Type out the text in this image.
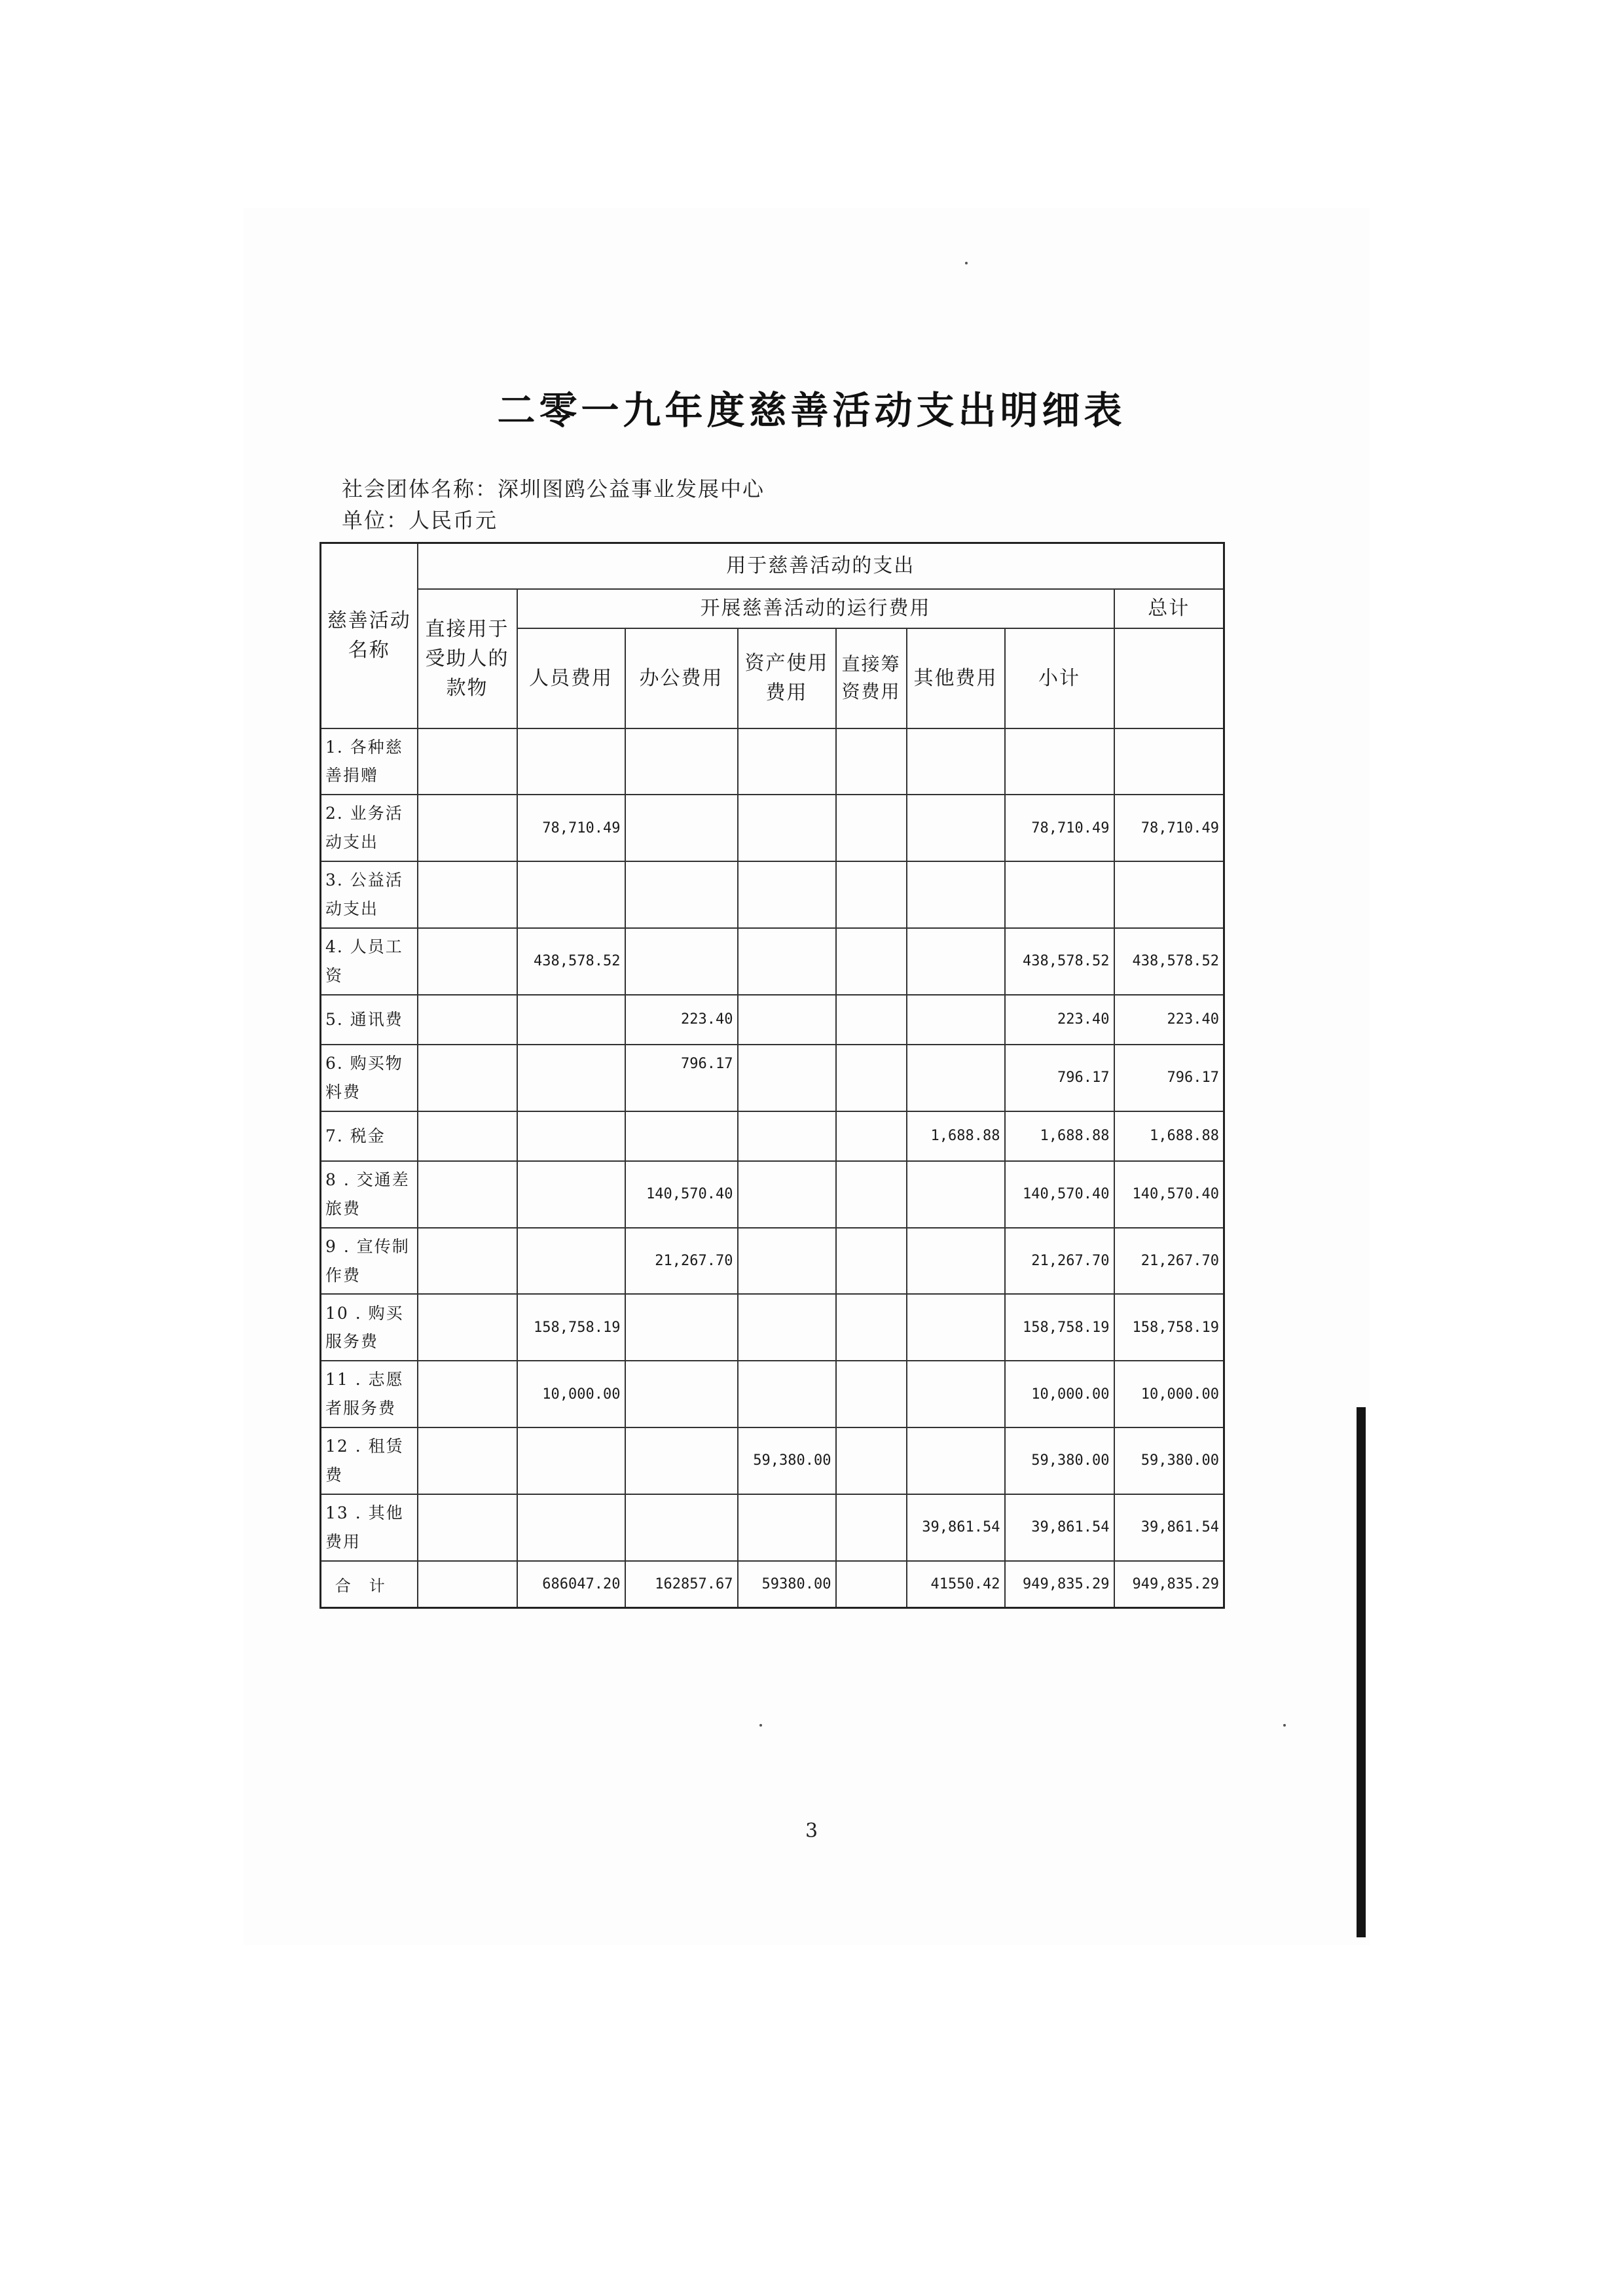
二零一九年度慈善活动支出明细表
社会团体名称：深圳图鸥公益事业发展中心
单位：人民币元
慈善活动名称	用于慈善活动的支出							
	直接用于受助人的款物	开展慈善活动的运行费用						总计
		人员费用	办公费用	资产使用费用	直接筹资费用	其他费用	小计	
1. 各种慈善捐赠								
2. 业务活动支出		78,710.49					78,710.49	78,710.49
3. 公益活动支出								
4. 人员工资		438,578.52					438,578.52	438,578.52
5. 通讯费			223.40				223.40	223.40
6. 购买物料费			796.17				796.17	796.17
7. 税金						1,688.88	1,688.88	1,688.88
8 . 交通差旅费			140,570.40				140,570.40	140,570.40
9 . 宣传制作费			21,267.70				21,267.70	21,267.70
10 . 购买服务费		158,758.19					158,758.19	158,758.19
11 . 志愿者服务费		10,000.00					10,000.00	10,000.00
12 . 租赁费				59,380.00			59,380.00	59,380.00
13 . 其他费用						39,861.54	39,861.54	39,861.54
合计		686047.20	162857.67	59380.00		41550.42	949,835.29	949,835.29
3
